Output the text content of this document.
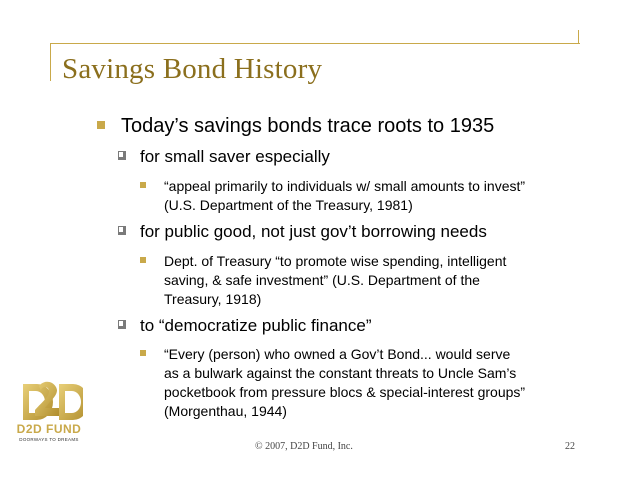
Savings Bond History
Today’s savings bonds trace roots to 1935
for small saver especially
“appeal primarily to individuals w/ small amounts to invest”
(U.S. Department of the Treasury, 1981)
for public good, not just gov’t borrowing needs
Dept. of Treasury “to promote wise spending, intelligent
saving, & safe investment” (U.S. Department of the
Treasury, 1918)
to “democratize public finance”
“Every (person) who owned a Gov’t Bond... would serve
as a bulwark against the constant threats to Uncle Sam’s
pocketbook from pressure blocs & special-interest groups”
(Morgenthau, 1944)
D2D FUND
DOORWAYS TO DREAMS
© 2007, D2D Fund, Inc.	22
